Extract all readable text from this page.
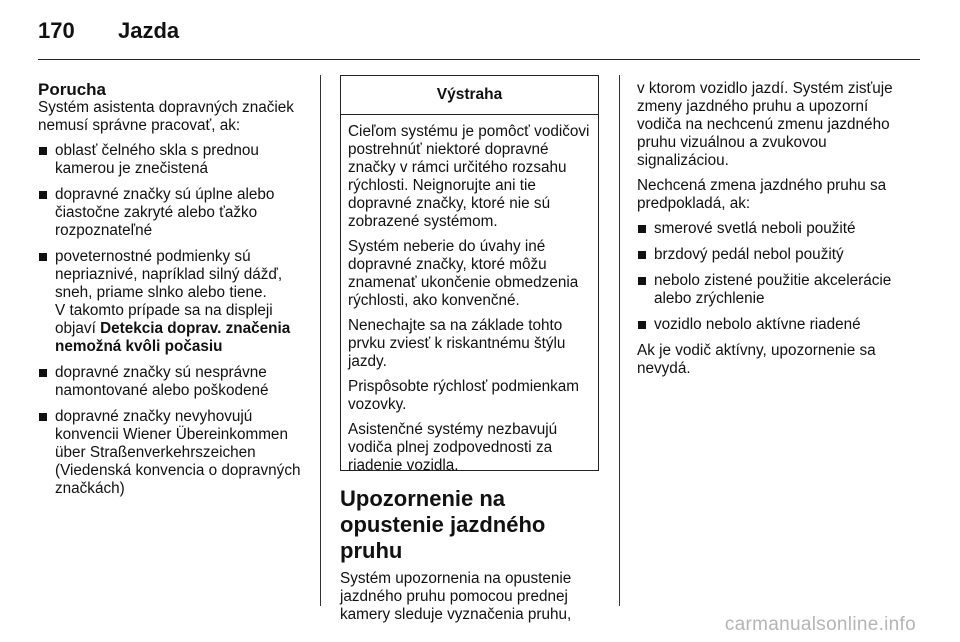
170	Jazda
Porucha

Systém asistenta dopravných značiek nemusí správne pracovať, ak:

oblasť čelného skla s prednou kamerou je znečistená
dopravné značky sú úplne alebo čiastočne zakryté alebo ťažko rozpoznateľné
poveternostné podmienky sú nepriaznivé, napríklad silný dážď, sneh, priame slnko alebo tiene.
V takomto prípade sa na displeji objaví Detekcia doprav. značenia nemožná kvôli počasiu
dopravné značky sú nesprávne namontované alebo poškodené
dopravné značky nevyhovujú konvencii Wiener Übereinkommen über Straßenverkehrszeichen (Viedenská konvencia o dopravných značkách)
Výstraha

Cieľom systému je pomôcť vodičovi postrehnúť niektoré dopravné značky v rámci určitého rozsahu rýchlosti. Neignorujte ani tie dopravné značky, ktoré nie sú zobrazené systémom.

Systém neberie do úvahy iné dopravné značky, ktoré môžu znamenať ukončenie obmedzenia rýchlosti, ako konvenčné.

Nenechajte sa na základe tohto prvku zviesť k riskantnému štýlu jazdy.

Prispôsobte rýchlosť podmienkam vozovky.

Asistenčné systémy nezbavujú vodiča plnej zodpovednosti za riadenie vozidla.

Upozornenie na opustenie jazdného pruhu

Systém upozornenia na opustenie jazdného pruhu pomocou prednej kamery sleduje vyznačenia pruhu,

v ktorom vozidlo jazdí. Systém zisťuje zmeny jazdného pruhu a upozorní vodiča na nechcenú zmenu jazdného pruhu vizuálnou a zvukovou signalizáciou.

Nechcená zmena jazdného pruhu sa predpokladá, ak:

smerové svetlá neboli použité
brzdový pedál nebol použitý
nebolo zistené použitie akcelerácie alebo zrýchlenie
vozidlo nebolo aktívne riadené

Ak je vodič aktívny, upozornenie sa nevydá.

carmanualsonline.info
